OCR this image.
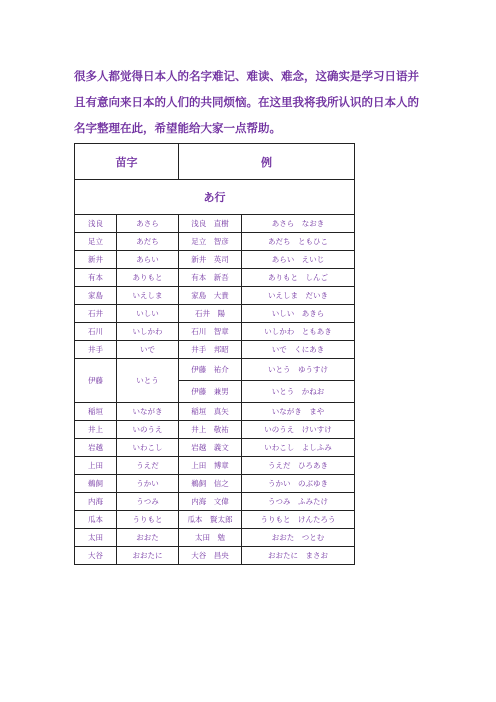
很多人都觉得日本人的名字难记、难读、难念，这确实是学习日语并且有意向来日本的人们的共同烦恼。在这里我将我所认识的日本人的名字整理在此，希望能给大家一点帮助。

苗字		例	
あ行			
浅良	あさら	浅良　直樹	あさら　なおき
足立	あだち	足立　智彦	あだち　ともひこ
新井	あらい	新井　英司	あらい　えいじ
有本	ありもと	有本　新吾	ありもと　しんご
家島	いえしま	家島　大貴	いえしま　だいき
石井	いしい	石井　陽	いしい　あきら
石川	いしかわ	石川　智章	いしかわ　ともあき
井手	いで	井手　邦昭	いで　くにあき
伊藤	いとう	伊藤　祐介	いとう　ゆうすけ
		伊藤　兼男	いとう　かねお
稲垣	いながき	稲垣　真矢	いながき　まや
井上	いのうえ	井上　敬祐	いのうえ　けいすけ
岩越	いわこし	岩越　義文	いわこし　よしふみ
上田	うえだ	上田　博章	うえだ　ひろあき
鵜飼	うかい	鵜飼　信之	うかい　のぶゆき
内海	うつみ	内海　文偉	うつみ　ふみたけ
瓜本	うりもと	瓜本　賢太郎	うりもと　けんたろう
太田	おおた	太田　勉	おおた　つとむ
大谷	おおたに	大谷　昌央	おおたに　まさお
